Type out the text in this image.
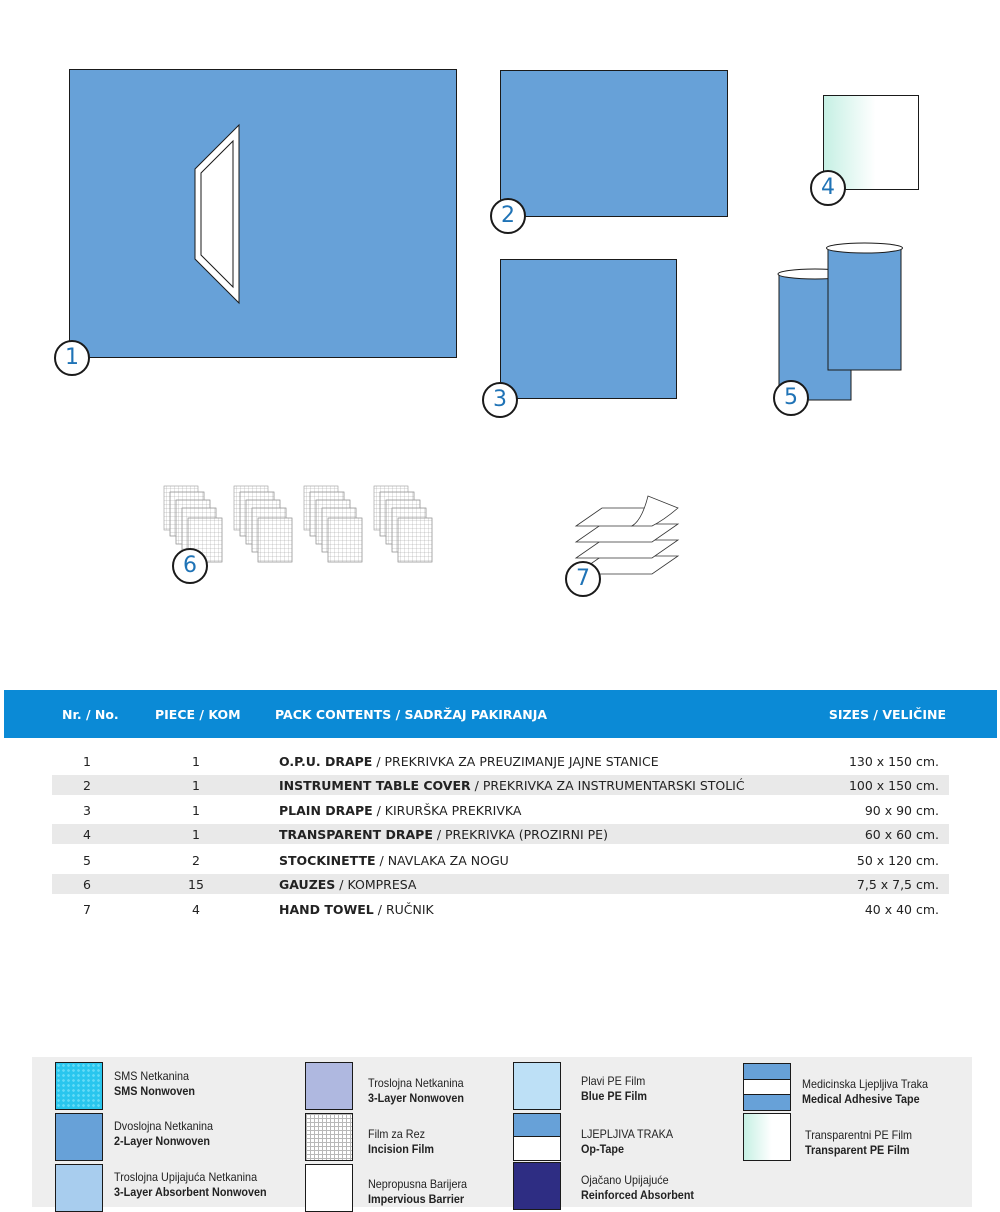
1
2
3
4
5
6
7
Nr. / No.	PIECE / KOM	PACK CONTENTS / SADRŽAJ PAKIRANJA	SIZES / VELIČINE
1	1	O.P.U. DRAPE / PREKRIVKA ZA PREUZIMANJE JAJNE STANICE	130 x 150 cm.
2	1	INSTRUMENT TABLE COVER / PREKRIVKA ZA INSTRUMENTARSKI STOLIĆ	100 x 150 cm.
3	1	PLAIN DRAPE / KIRURŠKA PREKRIVKA	90 x 90 cm.
4	1	TRANSPARENT DRAPE / PREKRIVKA (PROZIRNI PE)	60 x 60 cm.
5	2	STOCKINETTE / NAVLAKA ZA NOGU	50 x 120 cm.
6	15	GAUZES / KOMPRESA	7,5 x 7,5 cm.
7	4	HAND TOWEL / RUČNIK	40 x 40 cm.
SMS Netkanina
SMS Nonwoven
Dvoslojna Netkanina
2-Layer Nonwoven
Troslojna Upijajuća Netkanina
3-Layer Absorbent Nonwoven
Troslojna Netkanina
3-Layer Nonwoven
Film za Rez
Incision Film
Nepropusna Barijera
Impervious Barrier
Plavi PE Film
Blue PE Film
LJEPLJIVA TRAKA
Op-Tape
Ojačano Upijajuće
Reinforced Absorbent
Medicinska Ljepljiva Traka
Medical Adhesive Tape
Transparentni PE Film
Transparent PE Film
